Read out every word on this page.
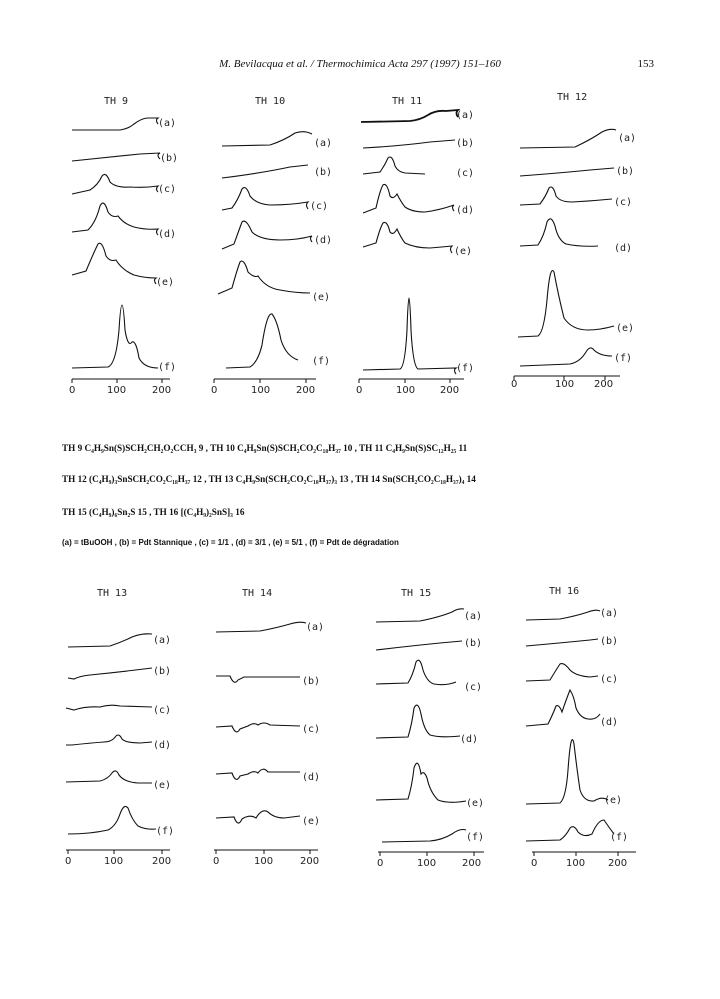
M. Bevilacqua et al. / Thermochimica Acta 297 (1997) 151–160	153
TH 9
(a)
(b)
(c)
(d)
(e)
(f)
0	100	200
TH 10
(a)
(b)
(c)
(d)
(e)
(f)
0	100	200
TH 11
(a)
(b)
(c)
(d)
(e)
(f)
0	100 200
TH 12
(a)
(b)
(c)
(d)
(e)
(f)
0	100 200
TH 13
(a)
(b)
(c)
(d)
(e)
(f)
0	100	200
TH 14
(a)
(b)
(c)
(d)
(e)
0	100	200
TH 15
(a)
(b)
(c)
(d)
(e)
(f)
0	100	200
TH 16
(a)
(b)
(c)
(d)
(e)
(f)
0	100 200
TH 9 C₄H₉Sn(S)SCH₂CH₂O₂CCH₃ 9 , TH 10 C₄H₉Sn(S)SCH₂CO₂C₁₈H₃₇ 10 , TH 11 C₄H₉Sn(S)SC₁₂H₂₅ 11
TH 12 (C₄H₉)₃SnSCH₂CO₂C₁₈H₃₇ 12 , TH 13 C₄H₉Sn(SCH₂CO₂C₁₈H₃₇)₃ 13 , TH 14 Sn(SCH₂CO₂C₁₈H₃₇)₄ 14
TH 15 (C₄H₉)₆Sn₂S 15 , TH 16 [(C₄H₉)₂SnS]₃ 16
(a) = tBuOOH , (b) = Pdt Stannique , (c) = 1/1 , (d) = 3/1 , (e) = 5/1 , (f) = Pdt de dégradation
